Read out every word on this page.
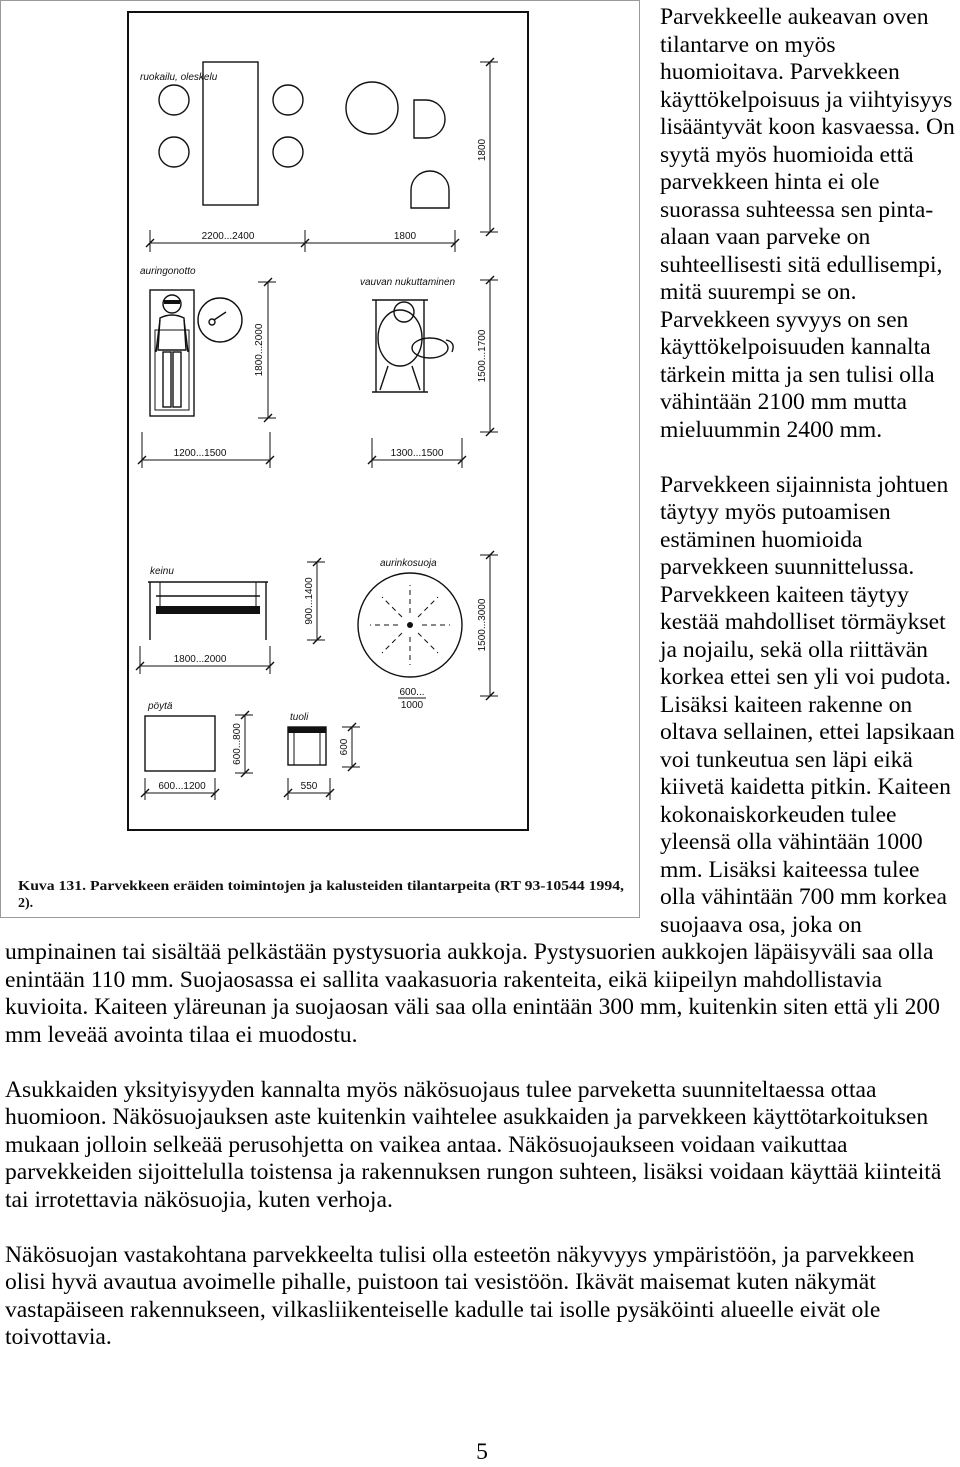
ruokailu, oleskelu
2200...2400	1800
1800
auringonotto
1800...2000
1200...1500
vauvan nukuttaminen
1500...1700
1300...1500
keinu
900...1400
1800...2000
aurinkosuoja
1500...3000
600...
1000
pöytä
600...800
600...1200
tuoli
600
550
Kuva 131. Parvekkeen eräiden toimintojen ja kalusteiden tilantarpeita (RT 93-10544 1994,
2).
Parvekkeelle aukeavan oven
tilantarve on myös
huomioitava. Parvekkeen
käyttökelpoisuus ja viihtyisyys
lisääntyvät koon kasvaessa. On
syytä myös huomioida että
parvekkeen hinta ei ole
suorassa suhteessa sen pinta-
alaan vaan parveke on
suhteellisesti sitä edullisempi,
mitä suurempi se on.
Parvekkeen syvyys on sen
käyttökelpoisuuden kannalta
tärkein mitta ja sen tulisi olla
vähintään 2100 mm mutta
mieluummin 2400 mm.
Parvekkeen sijainnista johtuen
täytyy myös putoamisen
estäminen huomioida
parvekkeen suunnittelussa.
Parvekkeen kaiteen täytyy
kestää mahdolliset törmäykset
ja nojailu, sekä olla riittävän
korkea ettei sen yli voi pudota.
Lisäksi kaiteen rakenne on
oltava sellainen, ettei lapsikaan
voi tunkeutua sen läpi eikä
kiivetä kaidetta pitkin. Kaiteen
kokonaiskorkeuden tulee
yleensä olla vähintään 1000
mm. Lisäksi kaiteessa tulee
olla vähintään 700 mm korkea
suojaava osa, joka on
umpinainen tai sisältää pelkästään pystysuoria aukkoja. Pystysuorien aukkojen läpäisyväli saa olla
enintään 110 mm. Suojaosassa ei sallita vaakasuoria rakenteita, eikä kiipeilyn mahdollistavia
kuvioita. Kaiteen yläreunan ja suojaosan väli saa olla enintään 300 mm, kuitenkin siten että yli 200
mm leveää avointa tilaa ei muodostu.
Asukkaiden yksityisyyden kannalta myös näkösuojaus tulee parveketta suunniteltaessa ottaa
huomioon. Näkösuojauksen aste kuitenkin vaihtelee asukkaiden ja parvekkeen käyttötarkoituksen
mukaan jolloin selkeää perusohjetta on vaikea antaa. Näkösuojaukseen voidaan vaikuttaa
parvekkeiden sijoittelulla toistensa ja rakennuksen rungon suhteen, lisäksi voidaan käyttää kiinteitä
tai irrotettavia näkösuojia, kuten verhoja.
Näkösuojan vastakohtana parvekkeelta tulisi olla esteetön näkyvyys ympäristöön, ja parvekkeen
olisi hyvä avautua avoimelle pihalle, puistoon tai vesistöön. Ikävät maisemat kuten näkymät
vastapäiseen rakennukseen, vilkasliikenteiselle kadulle tai isolle pysäköinti alueelle eivät ole
toivottavia.
5
